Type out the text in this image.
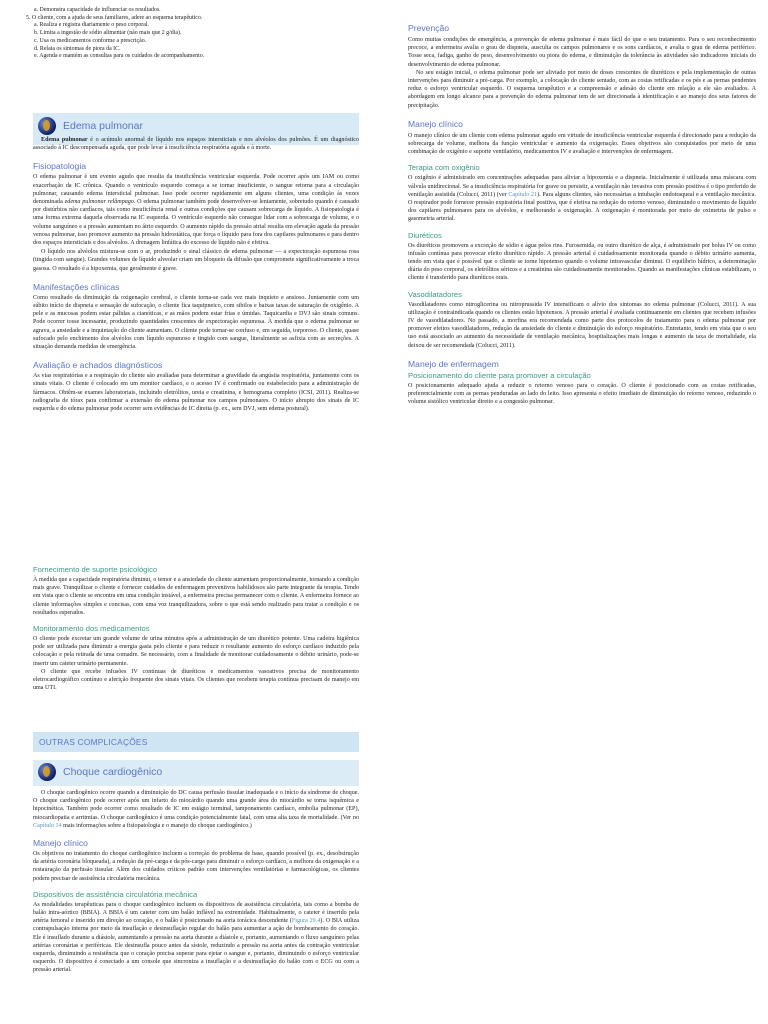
a. Demonstra capacidade de influenciar os resultados.
5. O cliente, com a ajuda de seus familiares, adere ao esquema terapêutico.
a. Realiza e registra diariamente o peso corporal.
b. Limita a ingestão de sódio alimentar (não mais que 2 g/dia).
c. Usa os medicamentos conforme a prescrição.
d. Relata os sintomas de piora da IC.
e. Agenda e mantém as consultas para os cuidados de acompanhamento.
Edema pulmonar

Edema pulmonar é o acúmulo anormal de líquido nos espaços intersticiais e nos alvéolos dos pulmões. É um diagnóstico associado à IC descompensada aguda, que pode levar à insuficiência respiratória aguda e à morte.

Fisiopatologia

O edema pulmonar é um evento agudo que resulta da insuficiência ventricular esquerda. Pode ocorrer após um IAM ou como exacerbação da IC crônica. Quando o ventrículo esquerdo começa a se tornar insuficiente, o sangue retorna para a circulação pulmonar, causando edema intersticial pulmonar. Isso pode ocorrer rapidamente em alguns clientes, uma condição às vezes denominada edema pulmonar relâmpago. O edema pulmonar também pode desenvolver-se lentamente, sobretudo quando é causado por distúrbios não cardíacos, tais como insuficiência renal e outras condições que causam sobrecarga de líquido. A fisiopatologia é uma forma extrema daquela observada na IC esquerda. O ventrículo esquerdo não consegue lidar com a sobrecarga de volume, e o volume sanguíneo e a pressão aumentam no átrio esquerdo. O aumento rápido da pressão atrial resulta em elevação aguda da pressão venosa pulmonar, isso promove aumento na pressão hidrostática, que força o líquido para fora dos capilares pulmonares e para dentro dos espaços intersticiais e dos alvéolos. A drenagem linfática do excesso de líquido não é efetiva.

O líquido nos alvéolos mistura-se com o ar, produzindo o sinal clássico de edema pulmonar — a expectoração espumosa rosa (tingida com sangue). Grandes volumes de líquido alveolar criam um bloqueio da difusão que compromete significativamente a troca gasosa. O resultado é a hipoxemia, que geralmente é grave.

Manifestações clínicas

Como resultado da diminuição da oxigenação cerebral, o cliente torna-se cada vez mais inquieto e ansioso. Juntamente com um súbito início de dispneia e sensação de sufocação, o cliente fica taquipneico, com sibilos e baixas taxas de saturação de oxigênio. A pele e as mucosas podem estar pálidas a cianóticas, e as mãos podem estar frias e úmidas. Taquicardia e DVJ são sinais comuns. Pode ocorrer tosse incessante, produzindo quantidades crescentes de expectoração espumosa. À medida que o edema pulmonar se agrava, a ansiedade e a inquietação do cliente aumentam. O cliente pode tornar-se confuso e, em seguida, torporoso. O cliente, quase sufocado pelo enchimento dos alvéolos com líquido espumoso e tingido com sangue, literalmente se asfixia com as secreções. A situação demanda medidas de emergência.

Avaliação e achados diagnósticos

As vias respiratórias e a respiração do cliente são avaliadas para determinar a gravidade da angústia respiratória, juntamente com os sinais vitais. O cliente é colocado em um monitor cardíaco, e o acesso IV é confirmado ou estabelecido para a administração de fármacos. Obtêm-se exames laboratoriais, incluindo eletrólitos, ureia e creatinina, e hemograma completo (ICSI, 2011). Realiza-se radiografia de tórax para confirmar a extensão do edema pulmonar nos campos pulmonares. O início abrupto dos sinais de IC esquerda e do edema pulmonar pode ocorrer sem evidências de IC direita (p. ex., sem DVJ, sem edema postural).

Prevenção

Como muitas condições de emergência, a prevenção de edema pulmonar é mais fácil do que o seu tratamento. Para o seu reconhecimento precoce, a enfermeira avalia o grau de dispneia, ausculta os campos pulmonares e os sons cardíacos, e avalia o grau de edema periférico. Tosse seca, fadiga, ganho de peso, desenvolvimento ou piora do edema, e diminuição da tolerância às atividades são indicadores iniciais do desenvolvimento de edema pulmonar.

No seu estágio inicial, o edema pulmonar pode ser aliviado por meio de doses crescentes de diuréticos e pela implementação de outras intervenções para diminuir a pré-carga. Por exemplo, a colocação do cliente sentado, com as costas retificadas e os pés e as pernas pendentes reduz o esforço ventricular esquerdo. O esquema terapêutico e a compreensão e adesão do cliente em relação a ele são avaliados. A abordagem em longo alcance para a prevenção do edema pulmonar tem de ser direcionada à identificação e ao manejo dos seus fatores de precipitação.

Manejo clínico

O manejo clínico de um cliente com edema pulmonar agudo em virtude de insuficiência ventricular esquerda é direcionado para a redução da sobrecarga de volume, melhora da função ventricular e aumento da oxigenação. Esses objetivos são conquistados por meio de uma combinação de oxigênio e suporte ventilatório, medicamentos IV e avaliação e intervenções de enfermagem.

Terapia com oxigênio

O oxigênio é administrado em concentrações adequadas para aliviar a hipoxemia e a dispneia. Inicialmente é utilizada uma máscara com válvula unidirecional. Se a insuficiência respiratória for grave ou persistir, a ventilação não invasiva com pressão positiva é o tipo preferido de ventilação assistida (Colucci, 2011) (ver Capítulo 21). Para alguns clientes, são necessárias a intubação endotraqueal e a ventilação mecânica. O respirador pode fornecer pressão expiratória final positiva, que é efetiva na redução do retorno venoso, diminuindo o movimento de líquido dos capilares pulmonares para os alvéolos, e melhorando a oxigenação. A oxigenação é monitorada por meio de oximetria de pulso e gasometria arterial.

Diuréticos

Os diuréticos promovem a excreção de sódio e água pelos rins. Furosemida, ou outro diurético de alça, é administrado por bolus IV ou como infusão contínua para provocar efeito diurético rápido. A pressão arterial é cuidadosamente monitorada quando o débito urinário aumenta, tendo em vista que é possível que o cliente se torne hipotenso quando o volume intravascular diminui. O equilíbrio hídrico, a determinação diária do peso corporal, os eletrólitos séricos e a creatinina são cuidadosamente monitorados. Quando as manifestações clínicas estabilizam, o cliente é transferido para diuréticos orais.

Vasodilatadores

Vasodilatadores como nitroglicerina ou nitroprussida IV intensificam o alívio dos sintomas no edema pulmonar (Colucci, 2011). A sua utilização é contraindicada quando os clientes estão hipotensos. A pressão arterial é avaliada continuamente em clientes que recebem infusões IV de vasodilatadores. No passado, a morfina era recomendada como parte dos protocolos de tratamento para o edema pulmonar por promover efeitos vasodilatadores, redução da ansiedade do cliente e diminuição do esforço respiratório. Entretanto, tendo em vista que o seu uso está associado ao aumento da necessidade de ventilação mecânica, hospitalizações mais longas e aumento da taxa de mortalidade, ela deixou de ser recomendada (Colucci, 2011).

Manejo de enfermagem
Posicionamento do cliente para promover a circulação

O posicionamento adequado ajuda a reduzir o retorno venoso para o coração. O cliente é posicionado com as costas retificadas, preferencialmente com as pernas penduradas ao lado do leito. Isso apresenta o efeito imediato de diminuição do retorno venoso, reduzindo o volume sistólico ventricular direito e a congestão pulmonar.

Fornecimento de suporte psicológico

À medida que a capacidade respiratória diminui, o temor e a ansiedade do cliente aumentam proporcionalmente, tornando a condição mais grave. Tranquilizar o cliente e fornecer cuidados de enfermagem preventivos habilidosos são parte integrante da terapia. Tendo em vista que o cliente se encontra em uma condição instável, a enfermeira precisa permanecer com o cliente. A enfermeira fornece ao cliente informações simples e concisas, com uma voz tranquilizadora, sobre o que está sendo realizado para tratar a condição e os resultados esperados.

Monitoramento dos medicamentos

O cliente pode excretar um grande volume de urina minutos após a administração de um diurético potente. Uma cadeira higiênica pode ser utilizada para diminuir a energia gasta pelo cliente e para reduzir o resultante aumento do esforço cardíaco induzido pela colocação e pela retirada de uma comadre. Se necessário, com a finalidade de monitorar cuidadosamente o débito urinário, pode-se inserir um cateter urinário permanente.

O cliente que recebe infusões IV contínuas de diuréticos e medicamentos vasoativos precisa de monitoramento eletrocardiográfico contínuo e aferição frequente dos sinais vitais. Os clientes que recebem terapia contínua precisam de manejo em uma UTI.

OUTRAS COMPLICAÇÕES
Choque cardiogênico

O choque cardiogênico ocorre quando a diminuição do DC causa perfusão tissular inadequada e o início da síndrome de choque. O choque cardiogênico pode ocorrer após um infarto do miocárdio quando uma grande área do miocárdio se torna isquêmica e hipocinética. Também pode ocorrer como resultado de IC em estágio terminal, tamponamento cardíaco, embolia pulmonar (EP), miocardiopatia e arritmias. O choque cardiogênico é uma condição potencialmente fatal, com uma alta taxa de mortalidade. (Ver no Capítulo 14 mais informações sobre a fisiopatologia e o manejo do choque cardiogênico.)

Manejo clínico

Os objetivos no tratamento do choque cardiogênico incluem a correção do problema de base, quando possível (p. ex., desobstrução da artéria coronária bloqueada), a redução da pré-carga e da pós-carga para diminuir o esforço cardíaco, a melhora da oxigenação e a restauração da perfusão tissular. Além dos cuidados críticos padrão com intervenções ventilatórias e farmacológicas, os clientes podem precisar de assistência circulatória mecânica.

Dispositivos de assistência circulatória mecânica

As modalidades terapêuticas para o choque cardiogênico incluem os dispositivos de assistência circulatória, tais como a bomba de balão intra-aórtico (BBIA). A BBIA é um cateter com um balão inflável na extremidade. Habitualmente, o cateter é inserido pela artéria femoral e inserido em direção ao coração, e o balão é posicionado na aorta torácica descendente (Figura 29.4). O BIA utiliza contrapulsação interna por meio da insuflação e desinsuflação regular do balão para aumentar a ação de bombeamento do coração. Ele é insuflado durante a diástole, aumentando a pressão na aorta durante a diástole e, portanto, aumentando o fluxo sanguíneo pelas artérias coronárias e periféricas. Ele desinsufla pouco antes da sístole, reduzindo a pressão na aorta antes da contração ventricular esquerda, diminuindo a resistência que o coração precisa superar para ejetar o sangue e, portanto, diminuindo o esforço ventricular esquerdo. O dispositivo é conectado a um console que sincroniza a insuflação e a desinsuflação do balão com o ECG ou com a pressão arterial.
